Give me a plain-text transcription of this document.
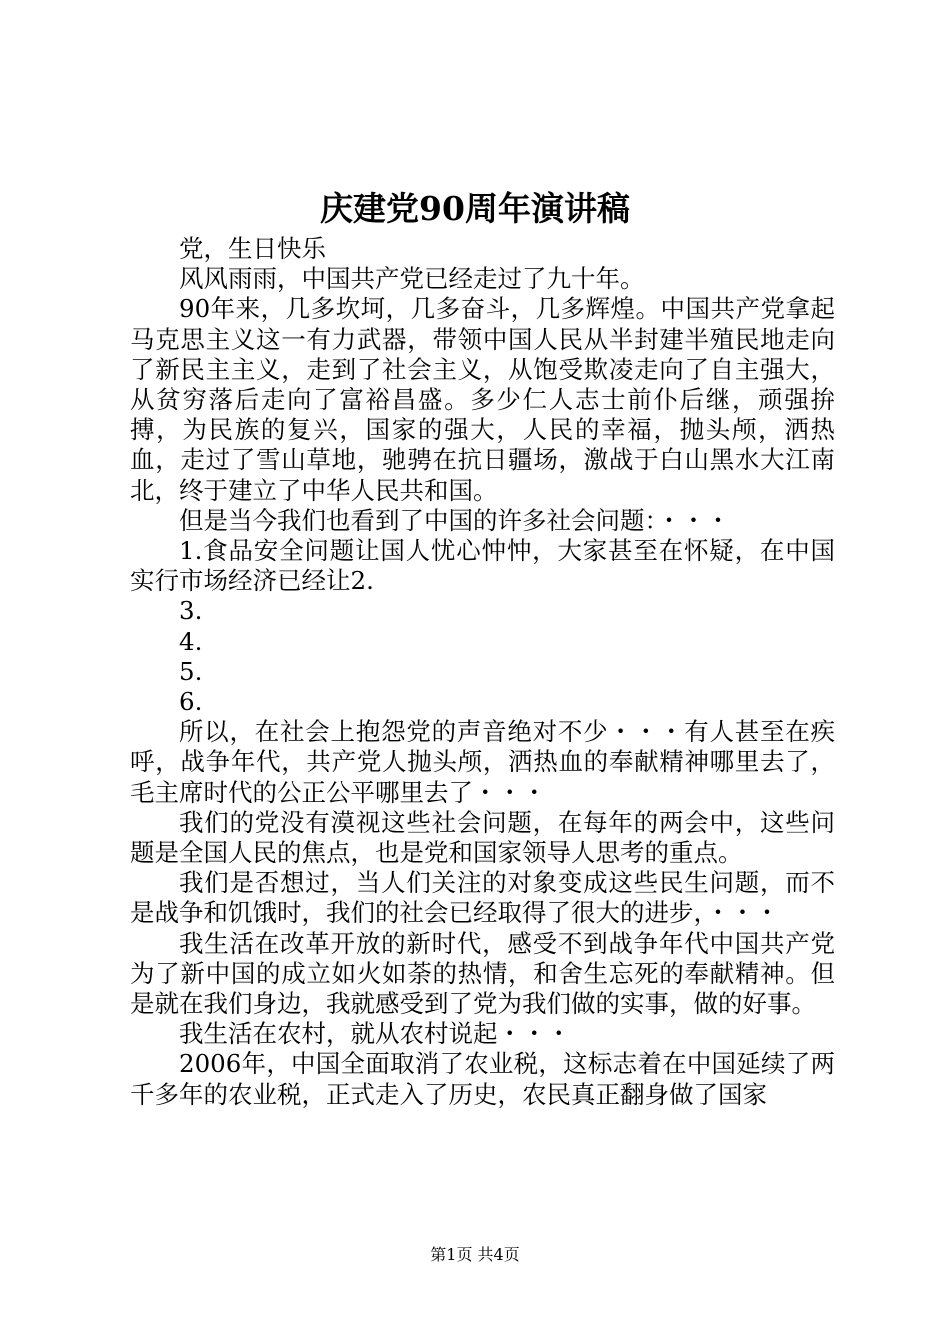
庆建党90周年演讲稿

党，生日快乐

风风雨雨，中国共产党已经走过了九十年。

90年来，几多坎坷，几多奋斗，几多辉煌。中国共产党拿起马克思主义这一有力武器，带领中国人民从半封建半殖民地走向了新民主主义，走到了社会主义，从饱受欺凌走向了自主强大，从贫穷落后走向了富裕昌盛。多少仁人志士前仆后继，顽强拚搏，为民族的复兴，国家的强大，人民的幸福，抛头颅，洒热血，走过了雪山草地，驰骋在抗日疆场，激战于白山黑水大江南北，终于建立了中华人民共和国。

但是当今我们也看到了中国的许多社会问题：・・・

1.食品安全问题让国人忧心忡忡，大家甚至在怀疑，在中国实行市场经济已经让2.

3.

4.

5.

6.

所以，在社会上抱怨党的声音绝对不少・・・有人甚至在疾呼，战争年代，共产党人抛头颅，洒热血的奉献精神哪里去了，毛主席时代的公正公平哪里去了・・・

我们的党没有漠视这些社会问题，在每年的两会中，这些问题是全国人民的焦点，也是党和国家领导人思考的重点。

我们是否想过，当人们关注的对象变成这些民生问题，而不是战争和饥饿时，我们的社会已经取得了很大的进步，・・・

我生活在改革开放的新时代，感受不到战争年代中国共产党为了新中国的成立如火如荼的热情，和舍生忘死的奉献精神。但是就在我们身边，我就感受到了党为我们做的实事，做的好事。

我生活在农村，就从农村说起・・・

2006年，中国全面取消了农业税，这标志着在中国延续了两千多年的农业税，正式走入了历史，农民真正翻身做了国家

第1页 共4页
